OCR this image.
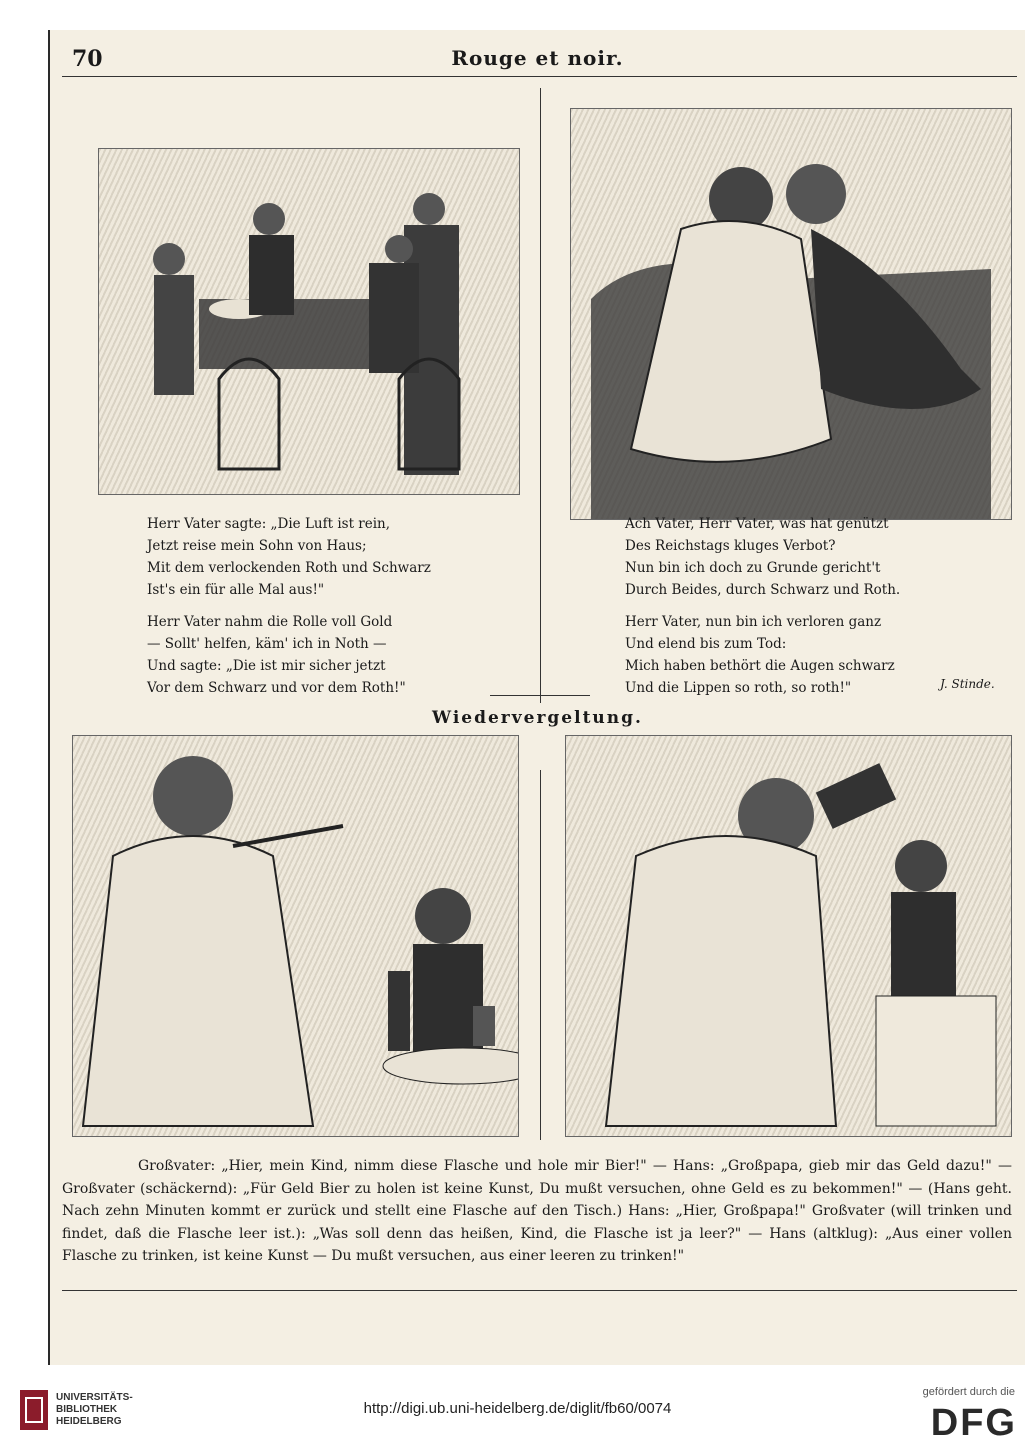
70	Rouge et noir.
Herr Vater sagte: „Die Luft ist rein,
Jetzt reise mein Sohn von Haus;
Mit dem verlockenden Roth und Schwarz
Ist's ein für alle Mal aus!"
Herr Vater nahm die Rolle voll Gold
— Sollt' helfen, käm' ich in Noth —
Und sagte: „Die ist mir sicher jetzt
Vor dem Schwarz und vor dem Roth!"
Ach Vater, Herr Vater, was hat genützt
Des Reichstags kluges Verbot?
Nun bin ich doch zu Grunde gericht't
Durch Beides, durch Schwarz und Roth.
Herr Vater, nun bin ich verloren ganz
Und elend bis zum Tod:
Mich haben bethört die Augen schwarz
Und die Lippen so roth, so roth!"	J. Stinde.
Wiedervergeltung.
Großvater: „Hier, mein Kind, nimm diese Flasche und hole mir Bier!" — Hans: „Großpapa, gieb mir das Geld dazu!" — Großvater (schäckernd): „Für Geld Bier zu holen ist keine Kunst, Du mußt versuchen, ohne Geld es zu bekommen!" — (Hans geht. Nach zehn Minuten kommt er zurück und stellt eine Flasche auf den Tisch.) Hans: „Hier, Großpapa!" Großvater (will trinken und findet, daß die Flasche leer ist.): „Was soll denn das heißen, Kind, die Flasche ist ja leer?" — Hans (altklug): „Aus einer vollen Flasche zu trinken, ist keine Kunst — Du mußt versuchen, aus einer leeren zu trinken!"
UNIVERSITÄTS-
BIBLIOTHEK
HEIDELBERG
http://digi.ub.uni-heidelberg.de/diglit/fb60/0074
gefördert durch die
DFG
